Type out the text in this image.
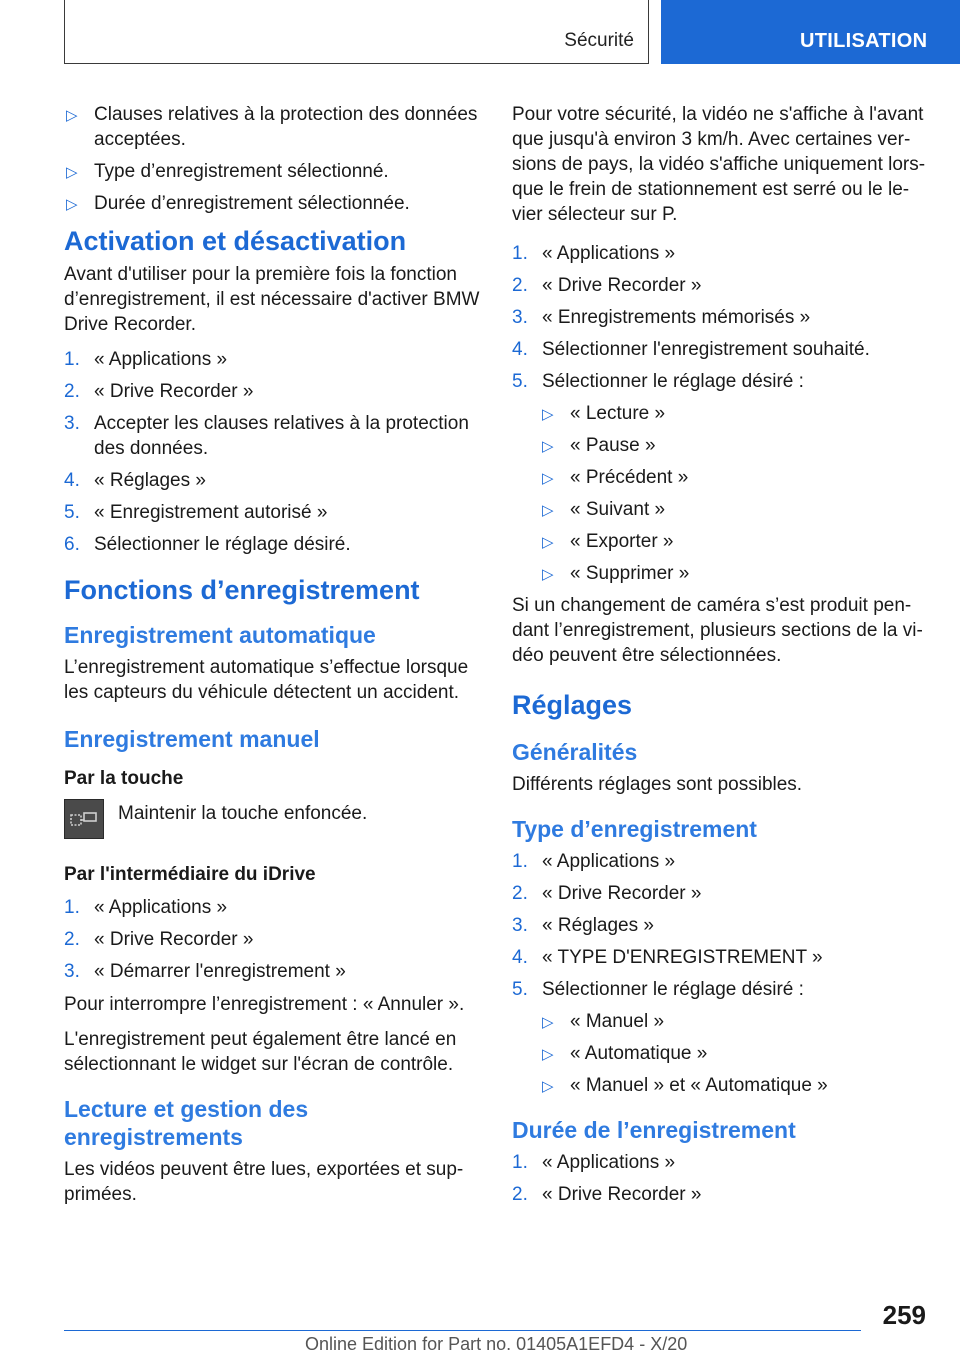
Sécurité	UTILISATION
▷ Clauses relatives à la protection des données acceptées.
▷ Type d’enregistrement sélectionné.
▷ Durée d’enregistrement sélectionnée.
Activation et désactivation

Avant d'utiliser pour la première fois la fonction d’enregistrement, il est nécessaire d'activer BMW Drive Recorder.

1. « Applications »
2. « Drive Recorder »
3. Accepter les clauses relatives à la protection des données.
4. « Réglages »
5. « Enregistrement autorisé »
6. Sélectionner le réglage désiré.
Fonctions d’enregistrement
Enregistrement automatique

L’enregistrement automatique s’effectue lorsque les capteurs du véhicule détectent un accident.

Enregistrement manuel
Par la touche

Maintenir la touche enfoncée.

Par l'intermédiaire du iDrive
1. « Applications »
2. « Drive Recorder »
3. « Démarrer l'enregistrement »

Pour interrompre l’enregistrement : « Annuler ».

L'enregistrement peut également être lancé en sélectionnant le widget sur l'écran de contrôle.

Lecture et gestion des enregistrements

Les vidéos peuvent être lues, exportées et supprimées.

Pour votre sécurité, la vidéo ne s'affiche à l'avant que jusqu'à environ 3 km/h. Avec certaines versions de pays, la vidéo s'affiche uniquement lorsque le frein de stationnement est serré ou le levier sélecteur sur P.

1. « Applications »
2. « Drive Recorder »
3. « Enregistrements mémorisés »
4. Sélectionner l'enregistrement souhaité.
5. Sélectionner le réglage désiré :
▷ « Lecture »
▷ « Pause »
▷ « Précédent »
▷ « Suivant »
▷ « Exporter »
▷ « Supprimer »

Si un changement de caméra s’est produit pendant l’enregistrement, plusieurs sections de la vidéo peuvent être sélectionnées.

Réglages
Généralités

Différents réglages sont possibles.

Type d’enregistrement
1. « Applications »
2. « Drive Recorder »
3. « Réglages »
4. « TYPE D'ENREGISTREMENT »
5. Sélectionner le réglage désiré :
▷ « Manuel »
▷ « Automatique »
▷ « Manuel » et « Automatique »
Durée de l’enregistrement
1. « Applications »
2. « Drive Recorder »
259
Online Edition for Part no. 01405A1EFD4 - X/20
